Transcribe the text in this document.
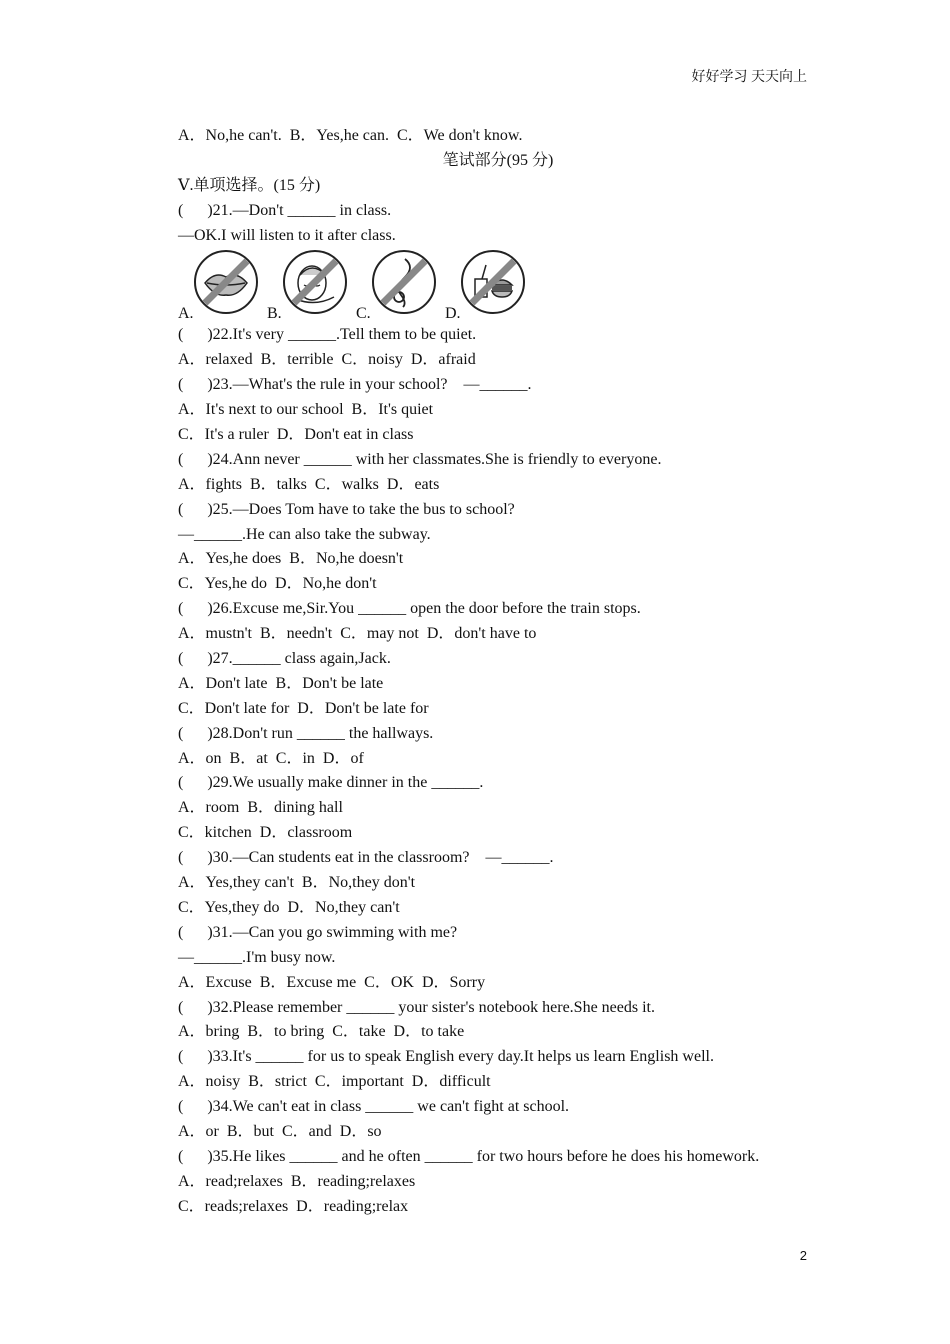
好好学习 天天向上
A．No,he can't.  B．Yes,he can.  C．We don't know.
笔试部分(95 分)
Ⅴ.单项选择。(15 分)
(      )21.—Don't ______ in class.
—OK.I will listen to it after class.
A.	B.	C.	D.
(      )22.It's very ______.Tell them to be quiet.
A．relaxed  B．terrible  C．noisy  D．afraid
(      )23.—What's the rule in your school?    —______.
A．It's next to our school  B．It's quiet
C．It's a ruler  D．Don't eat in class
(      )24.Ann never ______ with her classmates.She is friendly to everyone.
A．fights  B．talks  C．walks  D．eats
(      )25.—Does Tom have to take the bus to school?
—______.He can also take the subway.
A．Yes,he does  B．No,he doesn't
C．Yes,he do  D．No,he don't
(      )26.Excuse me,Sir.You ______ open the door before the train stops.
A．mustn't  B．needn't  C．may not  D．don't have to
(      )27.______ class again,Jack.
A．Don't late  B．Don't be late
C．Don't late for  D．Don't be late for
(      )28.Don't run ______ the hallways.
A．on  B．at  C．in  D．of
(      )29.We usually make dinner in the ______.
A．room  B．dining hall
C．kitchen  D．classroom
(      )30.—Can students eat in the classroom?    —______.
A．Yes,they can't  B．No,they don't
C．Yes,they do  D．No,they can't
(      )31.—Can you go swimming with me?
—______.I'm busy now.
A．Excuse  B．Excuse me  C．OK  D．Sorry
(      )32.Please remember ______ your sister's notebook here.She needs it.
A．bring  B．to bring  C．take  D．to take
(      )33.It's ______ for us to speak English every day.It helps us learn English well.
A．noisy  B．strict  C．important  D．difficult
(      )34.We can't eat in class ______ we can't fight at school.
A．or  B．but  C．and  D．so
(      )35.He likes ______ and he often ______ for two hours before he does his homework.
A．read;relaxes  B．reading;relaxes
C．reads;relaxes  D．reading;relax
2
